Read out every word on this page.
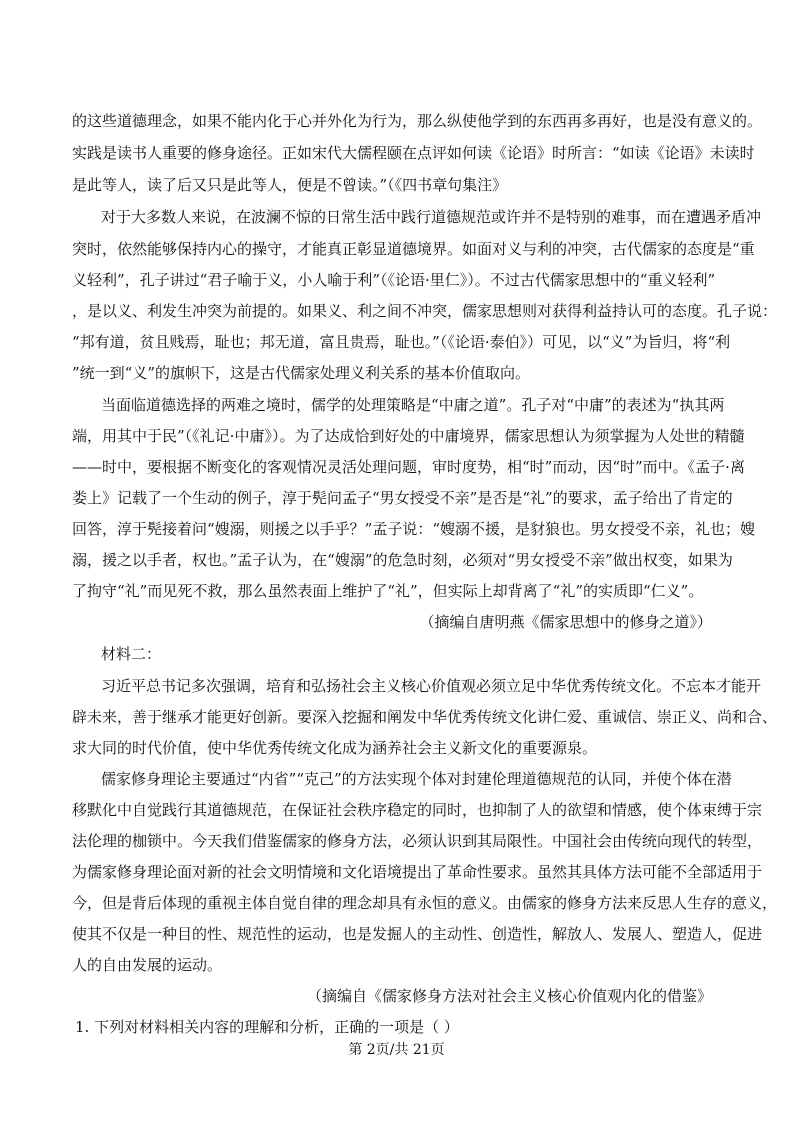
的这些道德理念，如果不能内化于心并外化为行为，那么纵使他学到的东西再多再好，也是没有意义的。
实践是读书人重要的修身途径。正如宋代大儒程颐在点评如何读《论语》时所言：“如读《论语》未读时
是此等人，读了后又只是此等人，便是不曾读。”（《四书章句集注》
对于大多数人来说，在波澜不惊的日常生活中践行道德规范或许并不是特别的难事，而在遭遇矛盾冲
突时，依然能够保持内心的操守，才能真正彰显道德境界。如面对义与利的冲突，古代儒家的态度是“重
义轻利”，孔子讲过“君子喻于义，小人喻于利”（《论语·里仁》）。不过古代儒家思想中的“重义轻利”
，是以义、利发生冲突为前提的。如果义、利之间不冲突，儒家思想则对获得利益持认可的态度。孔子说：
“邦有道，贫且贱焉，耻也；邦无道，富且贵焉，耻也。”（《论语·泰伯》）可见，以“义”为旨归，将“利
”统一到“义”的旗帜下，这是古代儒家处理义利关系的基本价值取向。
当面临道德选择的两难之境时，儒学的处理策略是“中庸之道”。孔子对“中庸”的表述为“执其两
端，用其中于民”（《礼记·中庸》）。为了达成恰到好处的中庸境界，儒家思想认为须掌握为人处世的精髓
——时中，要根据不断变化的客观情况灵活处理问题，审时度势，相“时”而动，因“时”而中。《孟子·离
娄上》记载了一个生动的例子，淳于髡问孟子“男女授受不亲”是否是“礼”的要求，孟子给出了肯定的
回答，淳于髡接着问“嫂溺，则援之以手乎？”孟子说：“嫂溺不援，是豺狼也。男女授受不亲，礼也；嫂
溺，援之以手者，权也。”孟子认为，在“嫂溺”的危急时刻，必须对“男女授受不亲”做出权变，如果为
了拘守“礼”而见死不救，那么虽然表面上维护了“礼”，但实际上却背离了“礼”的实质即“仁义”。
（摘编自唐明燕《儒家思想中的修身之道》）
材料二：
习近平总书记多次强调，培育和弘扬社会主义核心价值观必须立足中华优秀传统文化。不忘本才能开
辟未来，善于继承才能更好创新。要深入挖掘和阐发中华优秀传统文化讲仁爱、重诚信、崇正义、尚和合、
求大同的时代价值，使中华优秀传统文化成为涵养社会主义新文化的重要源泉。
儒家修身理论主要通过“内省”“克己”的方法实现个体对封建伦理道德规范的认同，并使个体在潜
移默化中自觉践行其道德规范，在保证社会秩序稳定的同时，也抑制了人的欲望和情感，使个体束缚于宗
法伦理的枷锁中。今天我们借鉴儒家的修身方法，必须认识到其局限性。中国社会由传统向现代的转型，
为儒家修身理论面对新的社会文明情境和文化语境提出了革命性要求。虽然其具体方法可能不全部适用于
今，但是背后体现的重视主体自觉自律的理念却具有永恒的意义。由儒家的修身方法来反思人生存的意义，
使其不仅是一种目的性、规范性的运动，也是发掘人的主动性、创造性，解放人、发展人、塑造人，促进
人的自由发展的运动。
（摘编自《儒家修身方法对社会主义核心价值观内化的借鉴》
1. 下列对材料相关内容的理解和分析，正确的一项是（ ）
第 2页/共 21页
